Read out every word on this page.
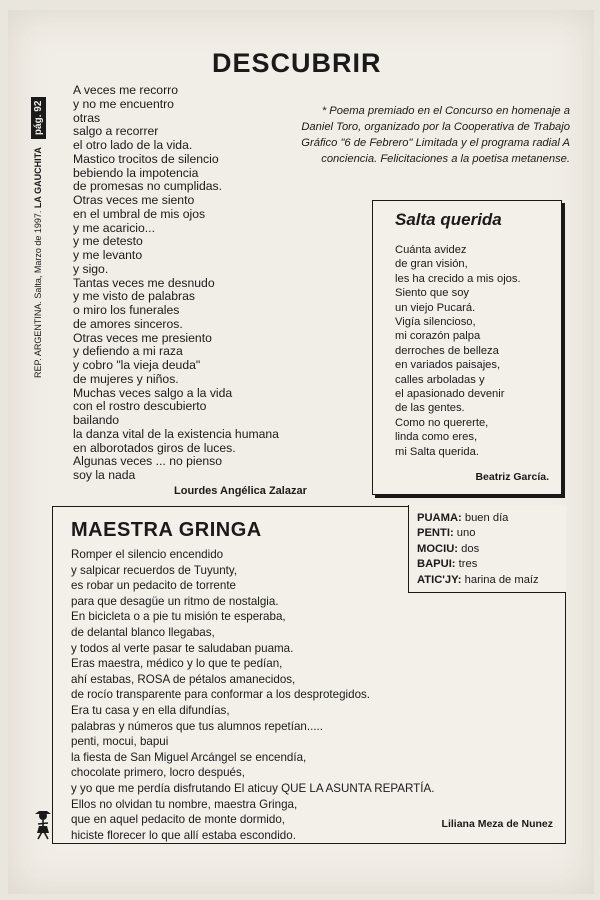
REP. ARGENTINA. Salta, Marzo de 1997. LA GAUCHITA
pág. 92
DESCUBRIR
A veces me recorro
y no me encuentro
otras
salgo a recorrer
el otro lado de la vida.
Mastico trocitos de silencio
bebiendo la impotencia
de promesas no cumplidas.
Otras veces me siento
en el umbral de mis ojos
y me acaricio...
y me detesto
y me levanto
y sigo.
Tantas veces me desnudo
y me visto de palabras
o miro los funerales
de amores sinceros.
Otras veces me presiento
y defiendo a mi raza
y cobro "la vieja deuda"
de mujeres y niños.
Muchas veces salgo a la vida
con el rostro descubierto
bailando
la danza vital de la existencia humana
en alborotados giros de luces.
Algunas veces ... no pienso
soy la nada
Lourdes Angélica Zalazar
* Poema premiado en el Concurso en homenaje a Daniel Toro, organizado por la Cooperativa de Trabajo Gráfico "6 de Febrero" Limitada y el programa radial A conciencia. Felicitaciones a la poetisa metanense.
Salta querida
Cuánta avidez
de gran visión,
les ha crecido a mis ojos.
Siento que soy
un viejo Pucará.
Vigía silencioso,
mi corazón palpa
derroches de belleza
en variados paisajes,
calles arboladas y
el apasionado devenir
de las gentes.
Como no quererte,
linda como eres,
mi Salta querida.
Beatriz García.
MAESTRA GRINGA
PUAMA: buen día
PENTI: uno
MOCIU: dos
BAPUI: tres
ATIC'JY: harina de maíz
Romper el silencio encendido
y salpicar recuerdos de Tuyunty,
es robar un pedacito de torrente
para que desagüe un ritmo de nostalgia.
En bicicleta o a pie tu misión te esperaba,
de delantal blanco llegabas,
y todos al verte pasar te saludaban puama.
Eras maestra, médico y lo que te pedían,
ahí estabas, ROSA de pétalos amanecidos,
de rocío transparente para conformar a los desprotegidos.
Era tu casa y en ella difundías,
palabras y números que tus alumnos repetían.....
penti, mocui, bapui
la fiesta de San Miguel Arcángel se encendía,
chocolate primero, locro después,
y yo que me perdía disfrutando El aticuy QUE LA ASUNTA REPARTÍA.
Ellos no olvidan tu nombre, maestra Gringa,
que en aquel pedacito de monte dormido,
hiciste florecer lo que allí estaba escondido.
Liliana Meza de Nunez
